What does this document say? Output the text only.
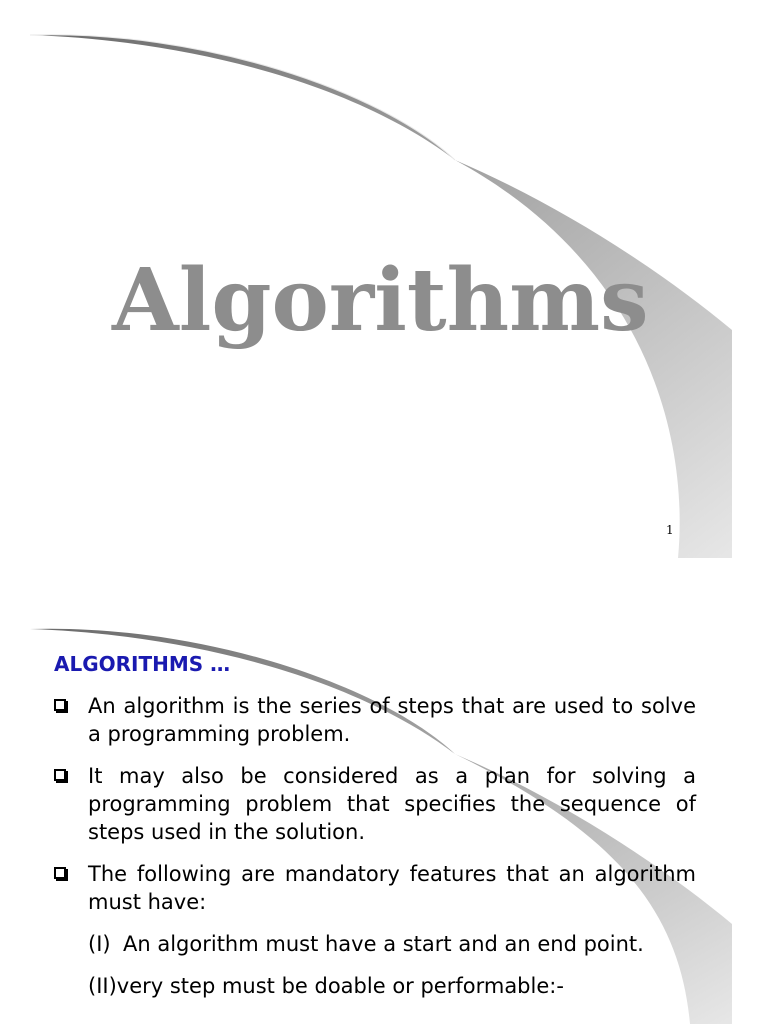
Algorithms
1
ALGORITHMS …
An algorithm is the series of steps that are used to solve a programming problem.
It may also be considered as a plan for solving a programming problem that specifies the sequence of steps used in the solution.
The following are mandatory features that an algorithm must have:
(I) An algorithm must have a start and an end point.
(II)very step must be doable or performable:-
